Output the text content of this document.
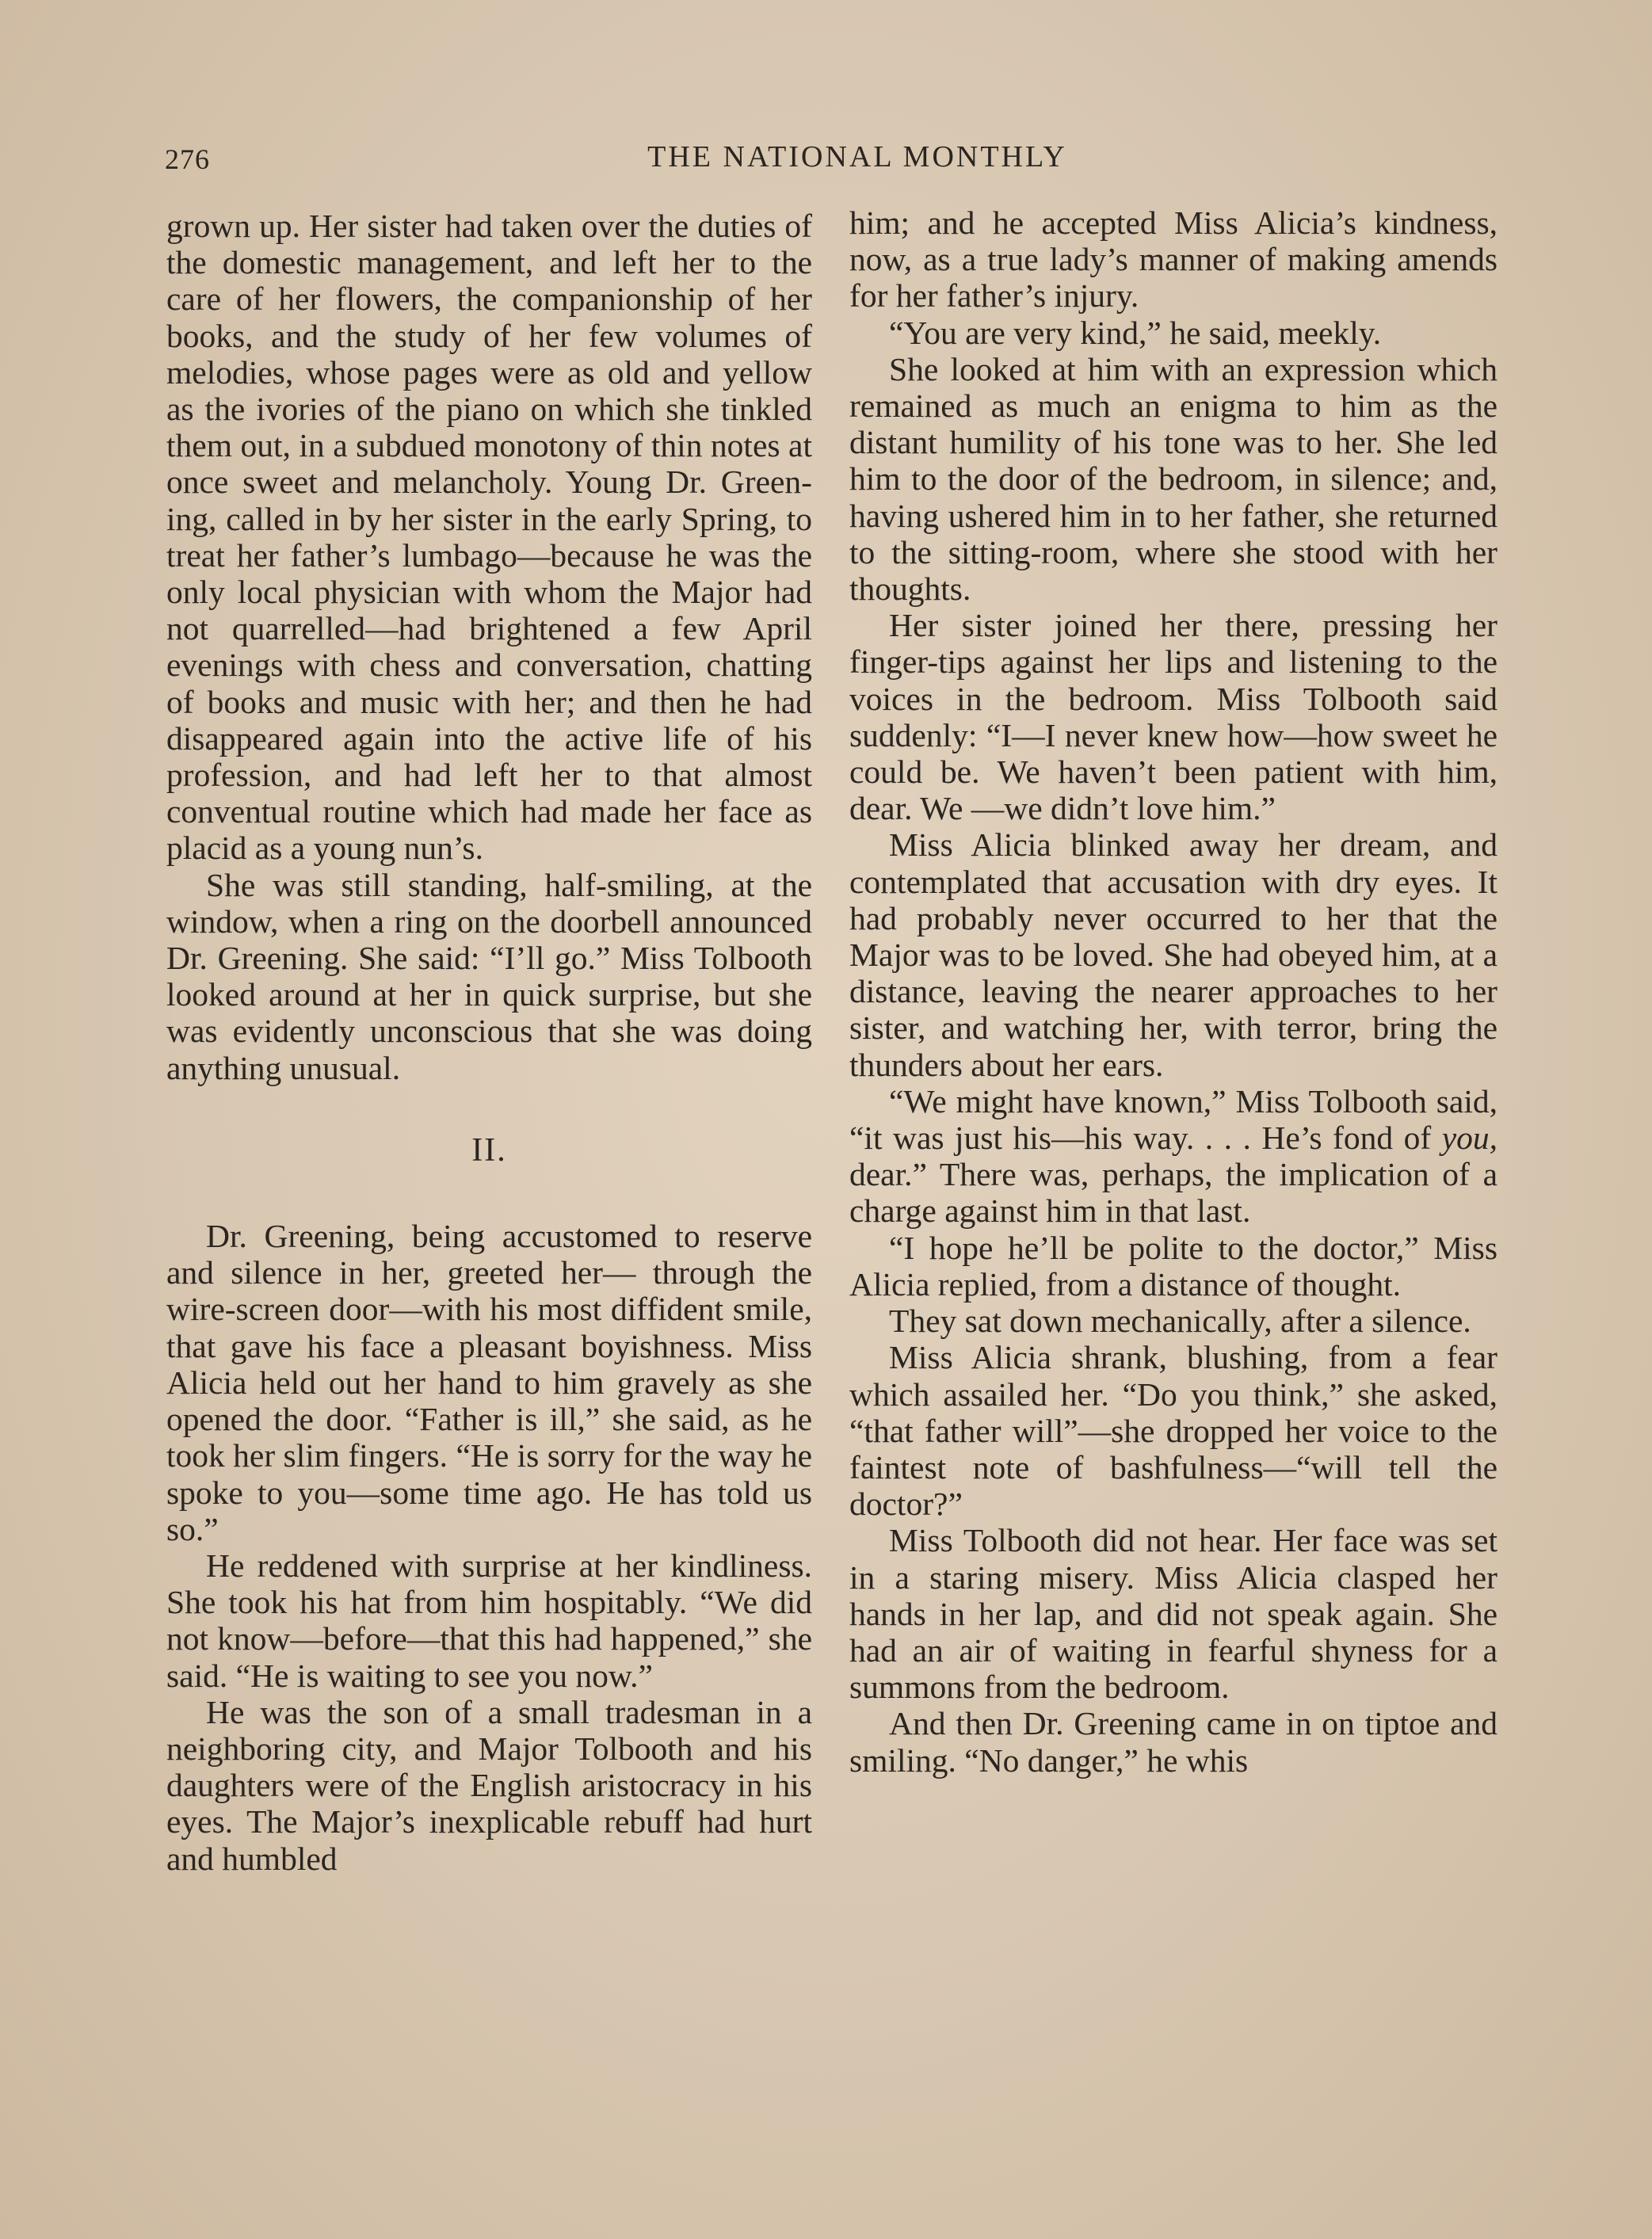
276	THE NATIONAL MONTHLY

grown up. Her sister had taken over the duties of the domestic management, and left her to the care of her flowers, the companionship of her books, and the study of her few volumes of melodies, whose pages were as old and yellow as the ivories of the piano on which she tinkled them out, in a subdued monotony of thin notes at once sweet and melancholy. Young Dr. Greening, called in by her sister in the early Spring, to treat her father’s lumbago—because he was the only local physician with whom the Major had not quarrelled—had brightened a few April evenings with chess and conversation, chatting of books and music with her; and then he had disappeared again into the active life of his profession, and had left her to that almost conventual routine which had made her face as placid as a young nun’s.

She was still standing, half-smiling, at the window, when a ring on the doorbell announced Dr. Greening. She said: “I’ll go.” Miss Tolbooth looked around at her in quick surprise, but she was evidently unconscious that she was doing anything unusual.

II.

Dr. Greening, being accustomed to reserve and silence in her, greeted her— through the wire-screen door—with his most diffident smile, that gave his face a pleasant boyishness. Miss Alicia held out her hand to him gravely as she opened the door. “Father is ill,” she said, as he took her slim fingers. “He is sorry for the way he spoke to you—some time ago. He has told us so.”

He reddened with surprise at her kindliness. She took his hat from him hospitably. “We did not know—before—that this had happened,” she said. “He is waiting to see you now.”

He was the son of a small tradesman in a neighboring city, and Major Tolbooth and his daughters were of the English aristocracy in his eyes. The Major’s inexplicable rebuff had hurt and humbled

him; and he accepted Miss Alicia’s kindness, now, as a true lady’s manner of making amends for her father’s injury.

“You are very kind,” he said, meekly.

She looked at him with an expression which remained as much an enigma to him as the distant humility of his tone was to her. She led him to the door of the bedroom, in silence; and, having ushered him in to her father, she returned to the sitting-room, where she stood with her thoughts.

Her sister joined her there, pressing her finger-tips against her lips and listening to the voices in the bedroom. Miss Tolbooth said suddenly: “I—I never knew how—how sweet he could be. We haven’t been patient with him, dear. We —we didn’t love him.”

Miss Alicia blinked away her dream, and contemplated that accusation with dry eyes. It had probably never occurred to her that the Major was to be loved. She had obeyed him, at a distance, leaving the nearer approaches to her sister, and watching her, with terror, bring the thunders about her ears.

“We might have known,” Miss Tolbooth said, “it was just his—his way. . . . He’s fond of you, dear.” There was, perhaps, the implication of a charge against him in that last.

“I hope he’ll be polite to the doctor,” Miss Alicia replied, from a distance of thought.

They sat down mechanically, after a silence.

Miss Alicia shrank, blushing, from a fear which assailed her. “Do you think,” she asked, “that father will”—she dropped her voice to the faintest note of bashfulness—“will tell the doctor?”

Miss Tolbooth did not hear. Her face was set in a staring misery. Miss Alicia clasped her hands in her lap, and did not speak again. She had an air of waiting in fearful shyness for a summons from the bedroom.

And then Dr. Greening came in on tiptoe and smiling. “No danger,” he whis
